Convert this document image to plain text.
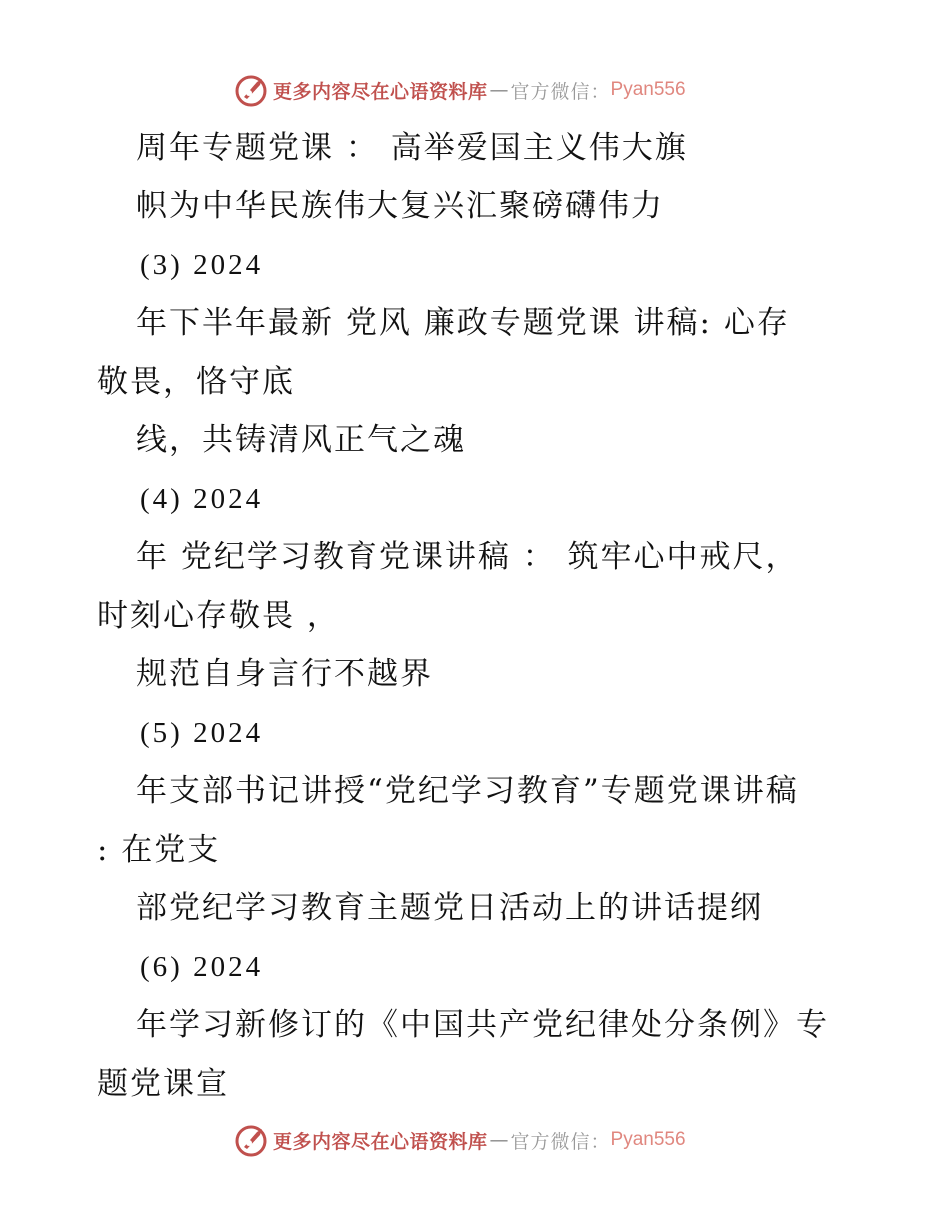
更多内容尽在心语资料库 — 官方微信： Pyan556
周年专题党课 ： 高举爱国主义伟大旗
帜为中华民族伟大复兴汇聚磅礴伟力
(3) 2024
年下半年最新 党风 廉政专题党课 讲稿: 心存
敬畏，恪守底
线，共铸清风正气之魂
(4) 2024
年 党纪学习教育党课讲稿 ： 筑牢心中戒尺，
时刻心存敬畏 ，
规范自身言行不越界
(5) 2024
年支部书记讲授“党纪学习教育”专题党课讲稿
: 在党支
部党纪学习教育主题党日活动上的讲话提纲
(6) 2024
年学习新修订的《中国共产党纪律处分条例》专
题党课宣
更多内容尽在心语资料库 — 官方微信： Pyan556
